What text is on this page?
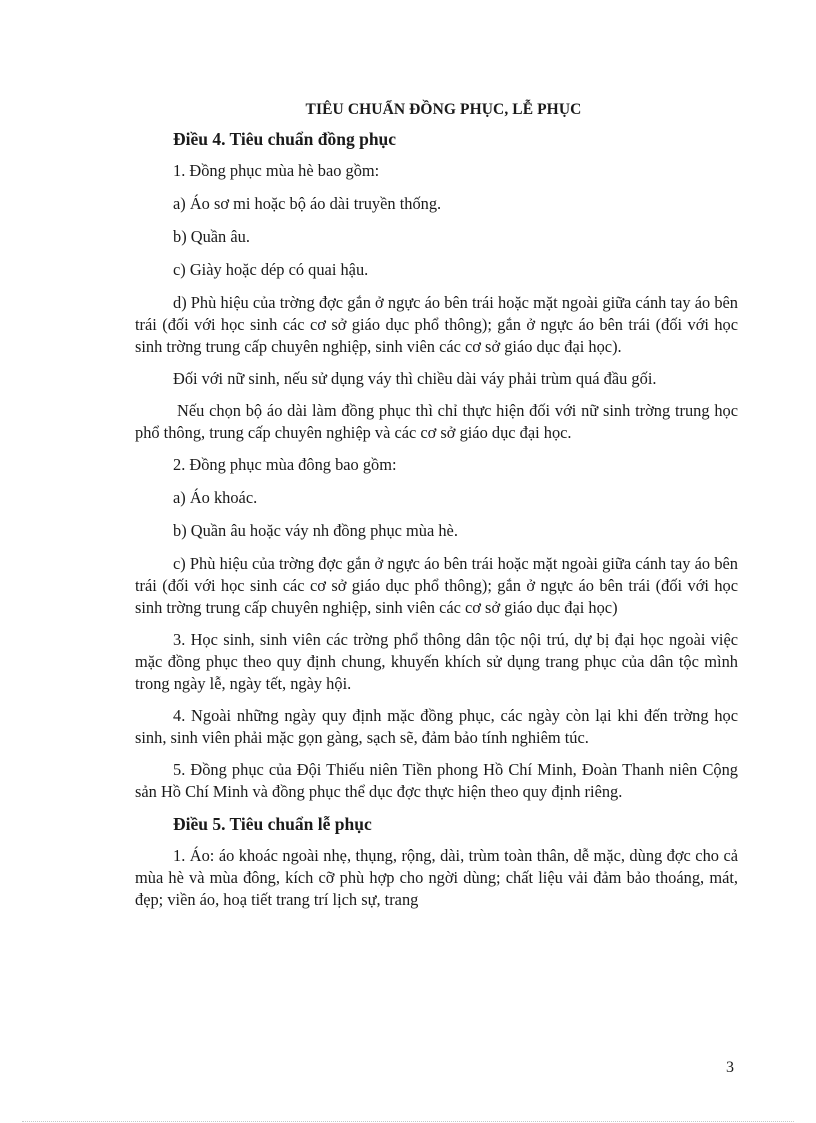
TIÊU CHUẨN ĐỒNG PHỤC, LỄ PHỤC
Điều 4. Tiêu chuẩn đồng phục

1. Đồng phục mùa hè bao gồm:

a) Áo sơ mi hoặc bộ áo dài truyền thống.

b) Quần âu.

c) Giày hoặc dép có quai hậu.

d) Phù hiệu của trờng đợc gắn ở ngực áo bên trái hoặc mặt ngoài giữa cánh tay áo bên trái (đối với học sinh các cơ sở giáo dục phổ thông); gắn ở ngực áo bên trái (đối với học sinh trờng trung cấp chuyên nghiệp, sinh viên các cơ sở giáo dục đại học).

Đối với nữ sinh, nếu sử dụng váy thì chiều dài váy phải trùm quá đầu gối.

Nếu chọn bộ áo dài làm đồng phục thì chỉ thực hiện đối với nữ sinh trờng trung học phổ thông, trung cấp chuyên nghiệp và các cơ sở giáo dục đại học.

2. Đồng phục mùa đông bao gồm:

a) Áo khoác.

b) Quần âu hoặc váy nh đồng phục mùa hè.

c) Phù hiệu của trờng đợc gắn ở ngực áo bên trái hoặc mặt ngoài giữa cánh tay áo bên trái (đối với học sinh các cơ sở giáo dục phổ thông); gắn ở ngực áo bên trái (đối với học sinh trờng trung cấp chuyên nghiệp, sinh viên các cơ sở giáo dục đại học)

3. Học sinh, sinh viên các trờng phổ thông dân tộc nội trú, dự bị đại học ngoài việc mặc đồng phục theo quy định chung, khuyến khích sử dụng trang phục của dân tộc mình trong ngày lễ, ngày tết, ngày hội.

4. Ngoài những ngày quy định mặc đồng phục, các ngày còn lại khi đến trờng học sinh, sinh viên phải mặc gọn gàng, sạch sẽ, đảm bảo tính nghiêm túc.

5. Đồng phục của Đội Thiếu niên Tiền phong Hồ Chí Minh, Đoàn Thanh niên Cộng sản Hồ Chí Minh và đồng phục thể dục đợc thực hiện theo quy định riêng.

Điều 5. Tiêu chuẩn lễ phục

1. Áo: áo khoác ngoài nhẹ, thụng, rộng, dài, trùm toàn thân, dễ mặc, dùng đợc cho cả mùa hè và mùa đông, kích cỡ phù hợp cho ngời dùng; chất liệu vải đảm bảo thoáng, mát, đẹp; viền áo, hoạ tiết trang trí lịch sự, trang

3
